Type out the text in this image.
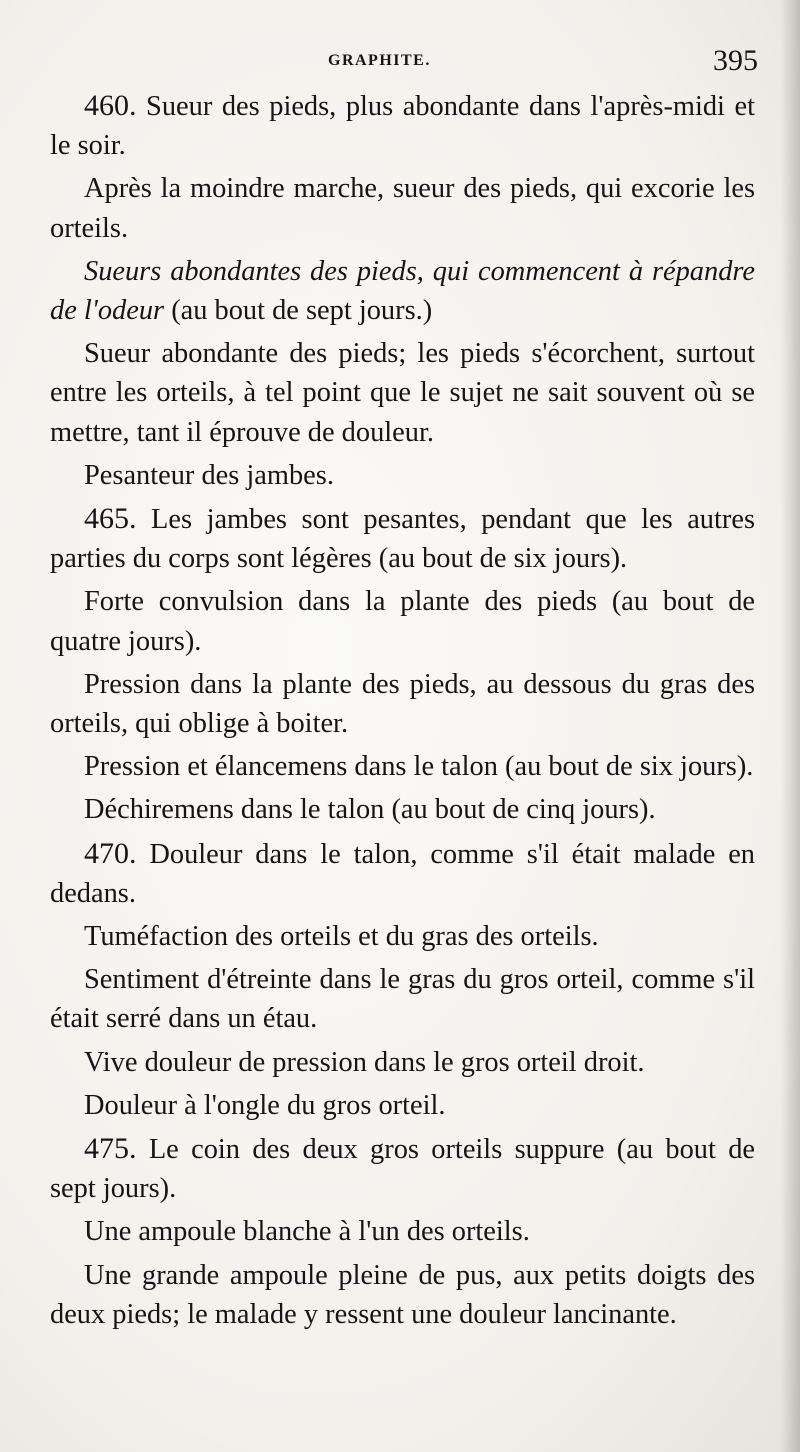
GRAPHITE.	395

460. Sueur des pieds, plus abondante dans l'après-midi et le soir.

Après la moindre marche, sueur des pieds, qui excorie les orteils.

Sueurs abondantes des pieds, qui commencent à répandre de l'odeur (au bout de sept jours.)

Sueur abondante des pieds; les pieds s'écorchent, surtout entre les orteils, à tel point que le sujet ne sait souvent où se mettre, tant il éprouve de douleur.

Pesanteur des jambes.

465. Les jambes sont pesantes, pendant que les autres parties du corps sont légères (au bout de six jours).

Forte convulsion dans la plante des pieds (au bout de quatre jours).

Pression dans la plante des pieds, au dessous du gras des orteils, qui oblige à boiter.

Pression et élancemens dans le talon (au bout de six jours).

Déchiremens dans le talon (au bout de cinq jours).

470. Douleur dans le talon, comme s'il était malade en dedans.

Tuméfaction des orteils et du gras des orteils.

Sentiment d'étreinte dans le gras du gros orteil, comme s'il était serré dans un étau.

Vive douleur de pression dans le gros orteil droit.

Douleur à l'ongle du gros orteil.

475. Le coin des deux gros orteils suppure (au bout de sept jours).

Une ampoule blanche à l'un des orteils.

Une grande ampoule pleine de pus, aux petits doigts des deux pieds; le malade y ressent une douleur lancinante.
